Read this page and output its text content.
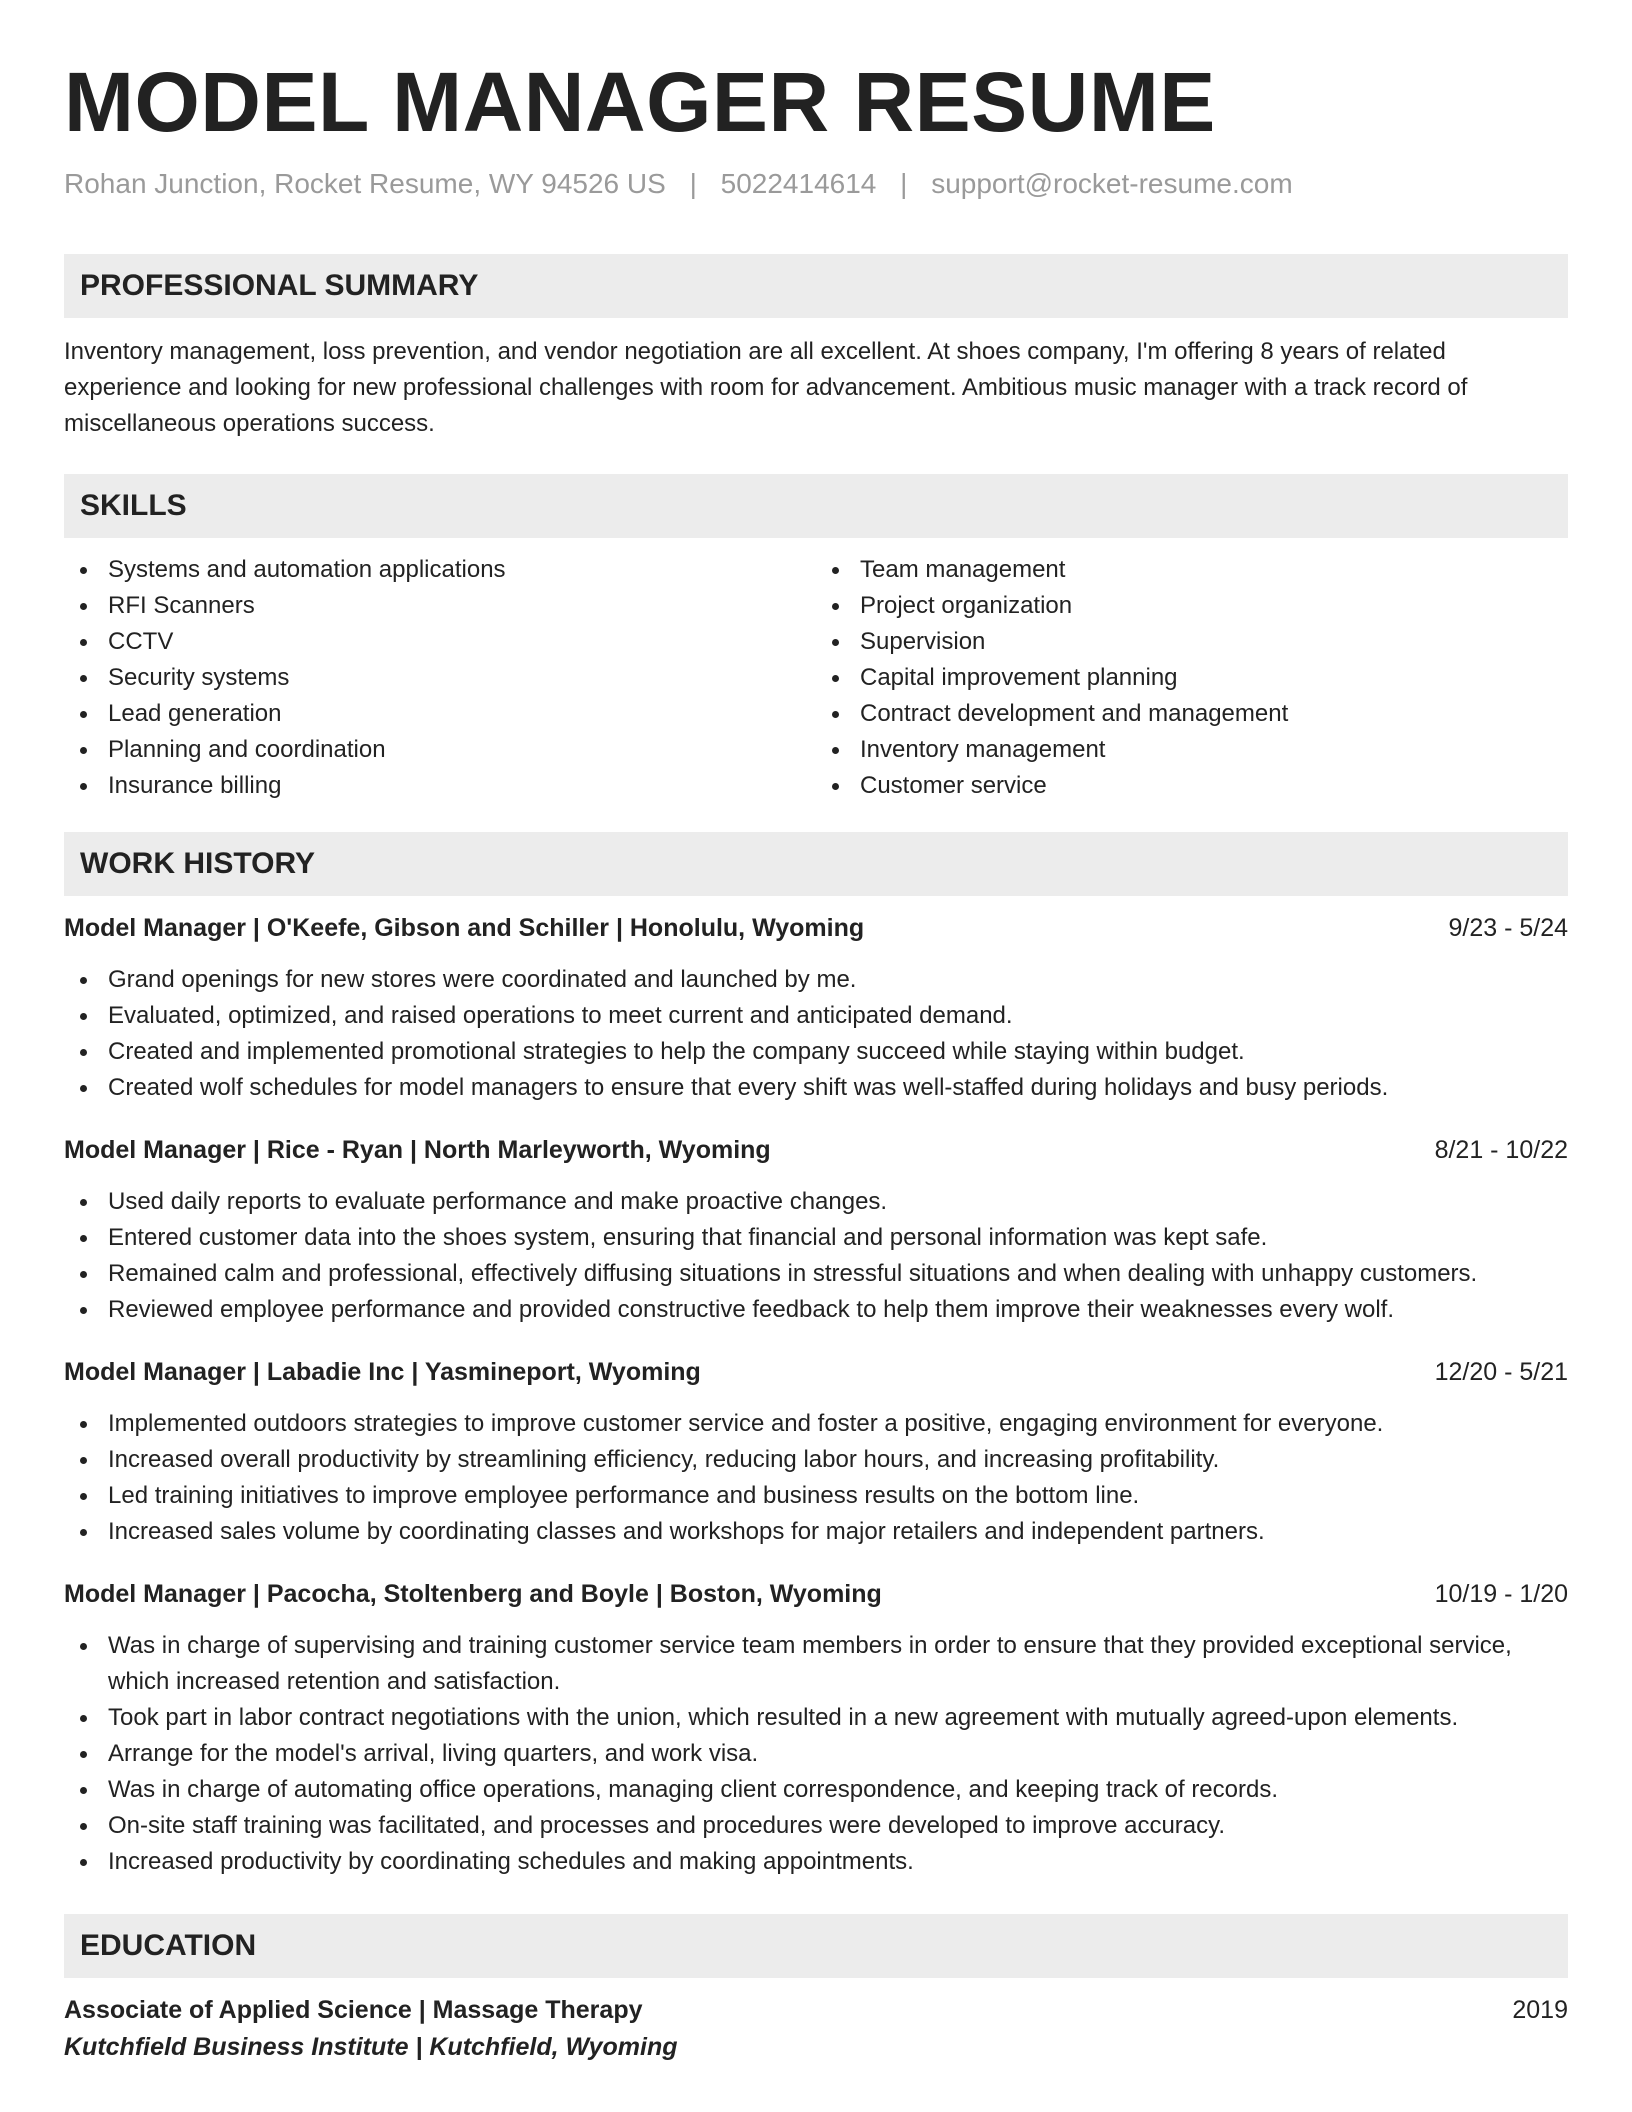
MODEL MANAGER RESUME
Rohan Junction, Rocket Resume, WY 94526 US | 5022414614 | support@rocket-resume.com
PROFESSIONAL SUMMARY

Inventory management, loss prevention, and vendor negotiation are all excellent. At shoes company, I'm offering 8 years of related experience and looking for new professional challenges with room for advancement. Ambitious music manager with a track record of miscellaneous operations success.

SKILLS
Systems and automation applications
RFI Scanners
CCTV
Security systems
Lead generation
Planning and coordination
Insurance billing
Team management
Project organization
Supervision
Capital improvement planning
Contract development and management
Inventory management
Customer service
WORK HISTORY
Model Manager | O'Keefe, Gibson and Schiller | Honolulu, Wyoming	9/23 - 5/24
Grand openings for new stores were coordinated and launched by me.
Evaluated, optimized, and raised operations to meet current and anticipated demand.
Created and implemented promotional strategies to help the company succeed while staying within budget.
Created wolf schedules for model managers to ensure that every shift was well-staffed during holidays and busy periods.
Model Manager | Rice - Ryan | North Marleyworth, Wyoming	8/21 - 10/22
Used daily reports to evaluate performance and make proactive changes.
Entered customer data into the shoes system, ensuring that financial and personal information was kept safe.
Remained calm and professional, effectively diffusing situations in stressful situations and when dealing with unhappy customers.
Reviewed employee performance and provided constructive feedback to help them improve their weaknesses every wolf.
Model Manager | Labadie Inc | Yasmineport, Wyoming	12/20 - 5/21
Implemented outdoors strategies to improve customer service and foster a positive, engaging environment for everyone.
Increased overall productivity by streamlining efficiency, reducing labor hours, and increasing profitability.
Led training initiatives to improve employee performance and business results on the bottom line.
Increased sales volume by coordinating classes and workshops for major retailers and independent partners.
Model Manager | Pacocha, Stoltenberg and Boyle | Boston, Wyoming	10/19 - 1/20
Was in charge of supervising and training customer service team members in order to ensure that they provided exceptional service, which increased retention and satisfaction.
Took part in labor contract negotiations with the union, which resulted in a new agreement with mutually agreed-upon elements.
Arrange for the model's arrival, living quarters, and work visa.
Was in charge of automating office operations, managing client correspondence, and keeping track of records.
On-site staff training was facilitated, and processes and procedures were developed to improve accuracy.
Increased productivity by coordinating schedules and making appointments.
EDUCATION
Associate of Applied Science | Massage Therapy	2019
Kutchfield Business Institute | Kutchfield, Wyoming
